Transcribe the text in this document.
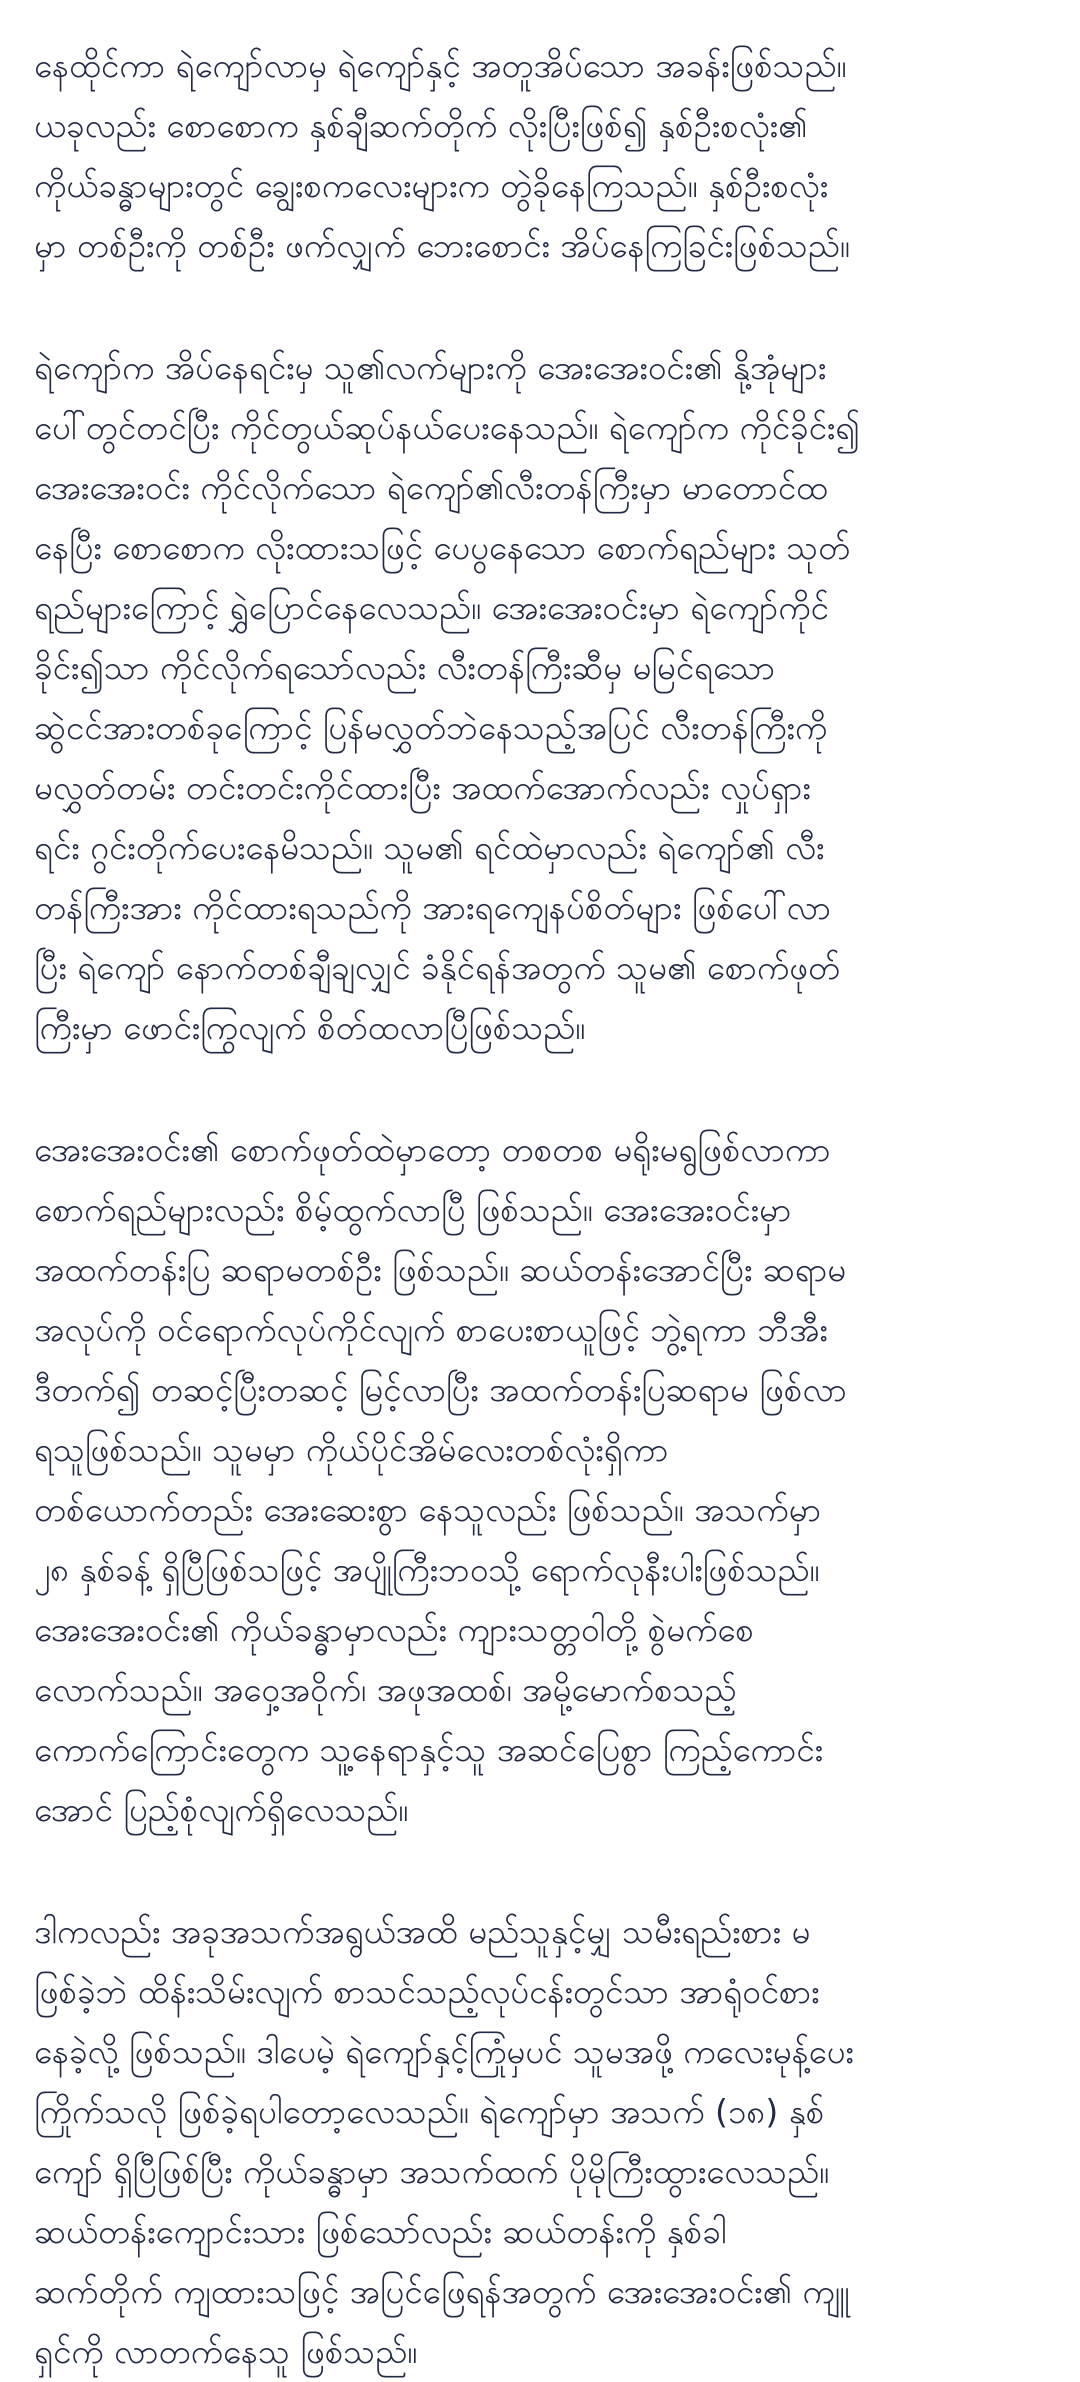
နေထိုင်ကာ ရဲကျော်လာမှ ရဲကျော်နှင့် အတူအိပ်သော အခန်းဖြစ်သည်။
ယခုလည်း စောစောက နှစ်ချီဆက်တိုက် လိုးပြီးဖြစ်၍ နှစ်ဦးစလုံး၏
ကိုယ်ခန္ဓာများတွင် ချွေးစကလေးများက တွဲခိုနေကြသည်။ နှစ်ဦးစလုံး
မှာ တစ်ဦးကို တစ်ဦး ဖက်လျှက် ဘေးစောင်း အိပ်နေကြခြင်းဖြစ်သည်။
ရဲကျော်က အိပ်နေရင်းမှ သူ၏လက်များကို အေးအေးဝင်း၏ နို့အုံများ
ပေါ်တွင်တင်ပြီး ကိုင်တွယ်ဆုပ်နယ်ပေးနေသည်။ ရဲကျော်က ကိုင်ခိုင်း၍
အေးအေးဝင်း ကိုင်လိုက်သော ရဲကျော်၏လီးတန်ကြီးမှာ မာတောင်ထ
နေပြီး စောစောက လိုးထားသဖြင့် ပေပွနေသော စောက်ရည်များ သုတ်
ရည်များကြောင့် ရွှဲပြောင်နေလေသည်။ အေးအေးဝင်းမှာ ရဲကျော်ကိုင်
ခိုင်း၍သာ ကိုင်လိုက်ရသော်လည်း လီးတန်ကြီးဆီမှ မမြင်ရသော
ဆွဲငင်အားတစ်ခုကြောင့် ပြန်မလွှတ်ဘဲနေသည့်အပြင် လီးတန်ကြီးကို
မလွှတ်တမ်း တင်းတင်းကိုင်ထားပြီး အထက်အောက်လည်း လှုပ်ရှား
ရင်း ဂွင်းတိုက်ပေးနေမိသည်။ သူမ၏ ရင်ထဲမှာလည်း ရဲကျော်၏ လီး
တန်ကြီးအား ကိုင်ထားရသည်ကို အားရကျေနပ်စိတ်များ ဖြစ်ပေါ်လာ
ပြီး ရဲကျော် နောက်တစ်ချီချလျှင် ခံနိုင်ရန်အတွက် သူမ၏ စောက်ဖုတ်
ကြီးမှာ ဖောင်းကြွလျက် စိတ်ထလာပြီဖြစ်သည်။
အေးအေးဝင်း၏ စောက်ဖုတ်ထဲမှာတော့ တစတစ မရိုးမရွဖြစ်လာကာ
စောက်ရည်များလည်း စိမ့်ထွက်လာပြီ ဖြစ်သည်။ အေးအေးဝင်းမှာ
အထက်တန်းပြ ဆရာမတစ်ဦး ဖြစ်သည်။ ဆယ်တန်းအောင်ပြီး ဆရာမ
အလုပ်ကို ဝင်ရောက်လုပ်ကိုင်လျက် စာပေးစာယူဖြင့် ဘွဲ့ရကာ ဘီအီး
ဒီတက်၍ တဆင့်ပြီးတဆင့် မြင့်လာပြီး အထက်တန်းပြဆရာမ ဖြစ်လာ
ရသူဖြစ်သည်။ သူမမှာ ကိုယ်ပိုင်အိမ်လေးတစ်လုံးရှိကာ
တစ်ယောက်တည်း အေးဆေးစွာ နေသူလည်း ဖြစ်သည်။ အသက်မှာ
၂၈ နှစ်ခန့် ရှိပြီဖြစ်သဖြင့် အပျိုကြီးဘဝသို့ ရောက်လုနီးပါးဖြစ်သည်။
အေးအေးဝင်း၏ ကိုယ်ခန္ဓာမှာလည်း ကျားသတ္တဝါတို့ စွဲမက်စေ
လောက်သည်။ အဝှေ့အဝိုက်၊ အဖုအထစ်၊ အမို့မောက်စသည့်
ကောက်ကြောင်းတွေက သူ့နေရာနှင့်သူ အဆင်ပြေစွာ ကြည့်ကောင်း
အောင် ပြည့်စုံလျက်ရှိလေသည်။
ဒါကလည်း အခုအသက်အရွယ်အထိ မည်သူနှင့်မျှ သမီးရည်းစား မ
ဖြစ်ခဲ့ဘဲ ထိန်းသိမ်းလျက် စာသင်သည့်လုပ်ငန်းတွင်သာ အာရုံဝင်စား
နေခဲ့လို့ ဖြစ်သည်။ ဒါပေမဲ့ ရဲကျော်နှင့်ကြုံမှပင် သူမအဖို့ ကလေးမုန့်ပေး
ကြိုက်သလို ဖြစ်ခဲ့ရပါတော့လေသည်။ ရဲကျော်မှာ အသက် (၁၈) နှစ်
ကျော် ရှိပြီဖြစ်ပြီး ကိုယ်ခန္ဓာမှာ အသက်ထက် ပိုမိုကြီးထွားလေသည်။
ဆယ်တန်းကျောင်းသား ဖြစ်သော်လည်း ဆယ်တန်းကို နှစ်ခါ
ဆက်တိုက် ကျထားသဖြင့် အပြင်ဖြေရန်အတွက် အေးအေးဝင်း၏ ကျူ
ရှင်ကို လာတက်နေသူ ဖြစ်သည်။
